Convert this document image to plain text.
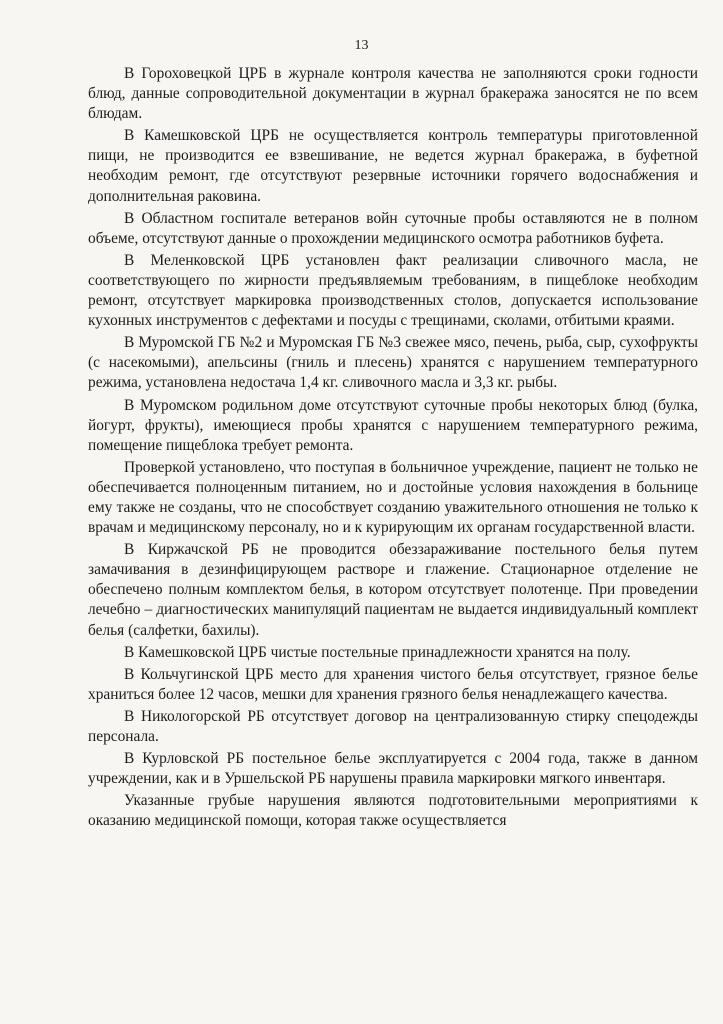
13

В Гороховецкой ЦРБ в журнале контроля качества не заполняются сроки годности блюд, данные сопроводительной документации в журнал бракеража заносятся не по всем блюдам.

В Камешковской ЦРБ не осуществляется контроль температуры приготовленной пищи, не производится ее взвешивание, не ведется журнал бракеража, в буфетной необходим ремонт, где отсутствуют резервные источники горячего водоснабжения и дополнительная раковина.

В Областном госпитале ветеранов войн суточные пробы оставляются не в полном объеме, отсутствуют данные о прохождении медицинского осмотра работников буфета.

В Меленковской ЦРБ установлен факт реализации сливочного масла, не соответствующего по жирности предъявляемым требованиям, в пищеблоке необходим ремонт, отсутствует маркировка производственных столов, допускается использование кухонных инструментов с дефектами и посуды с трещинами, сколами, отбитыми краями.

В Муромской ГБ №2 и Муромская ГБ №3 свежее мясо, печень, рыба, сыр, сухофрукты (с насекомыми), апельсины (гниль и плесень) хранятся с нарушением температурного режима, установлена недостача 1,4 кг. сливочного масла и 3,3 кг. рыбы.

В Муромском родильном доме отсутствуют суточные пробы некоторых блюд (булка, йогурт, фрукты), имеющиеся пробы хранятся с нарушением температурного режима, помещение пищеблока требует ремонта.

Проверкой установлено, что поступая в больничное учреждение, пациент не только не обеспечивается полноценным питанием, но и достойные условия нахождения в больнице ему также не созданы, что не способствует созданию уважительного отношения не только к врачам и медицинскому персоналу, но и к курирующим их органам государственной власти.

В Киржачской РБ не проводится обеззараживание постельного белья путем замачивания в дезинфицирующем растворе и глажение. Стационарное отделение не обеспечено полным комплектом белья, в котором отсутствует полотенце. При проведении лечебно – диагностических манипуляций пациентам не выдается индивидуальный комплект белья (салфетки, бахилы).

В Камешковской ЦРБ чистые постельные принадлежности хранятся на полу.

В Кольчугинской ЦРБ место для хранения чистого белья отсутствует, грязное белье храниться более 12 часов, мешки для хранения грязного белья ненадлежащего качества.

В Никологорской РБ отсутствует договор на централизованную стирку спецодежды персонала.

В Курловской РБ постельное белье эксплуатируется с 2004 года, также в данном учреждении, как и в Уршельской РБ нарушены правила маркировки мягкого инвентаря.

Указанные грубые нарушения являются подготовительными мероприятиями к оказанию медицинской помощи, которая также осуществляется
